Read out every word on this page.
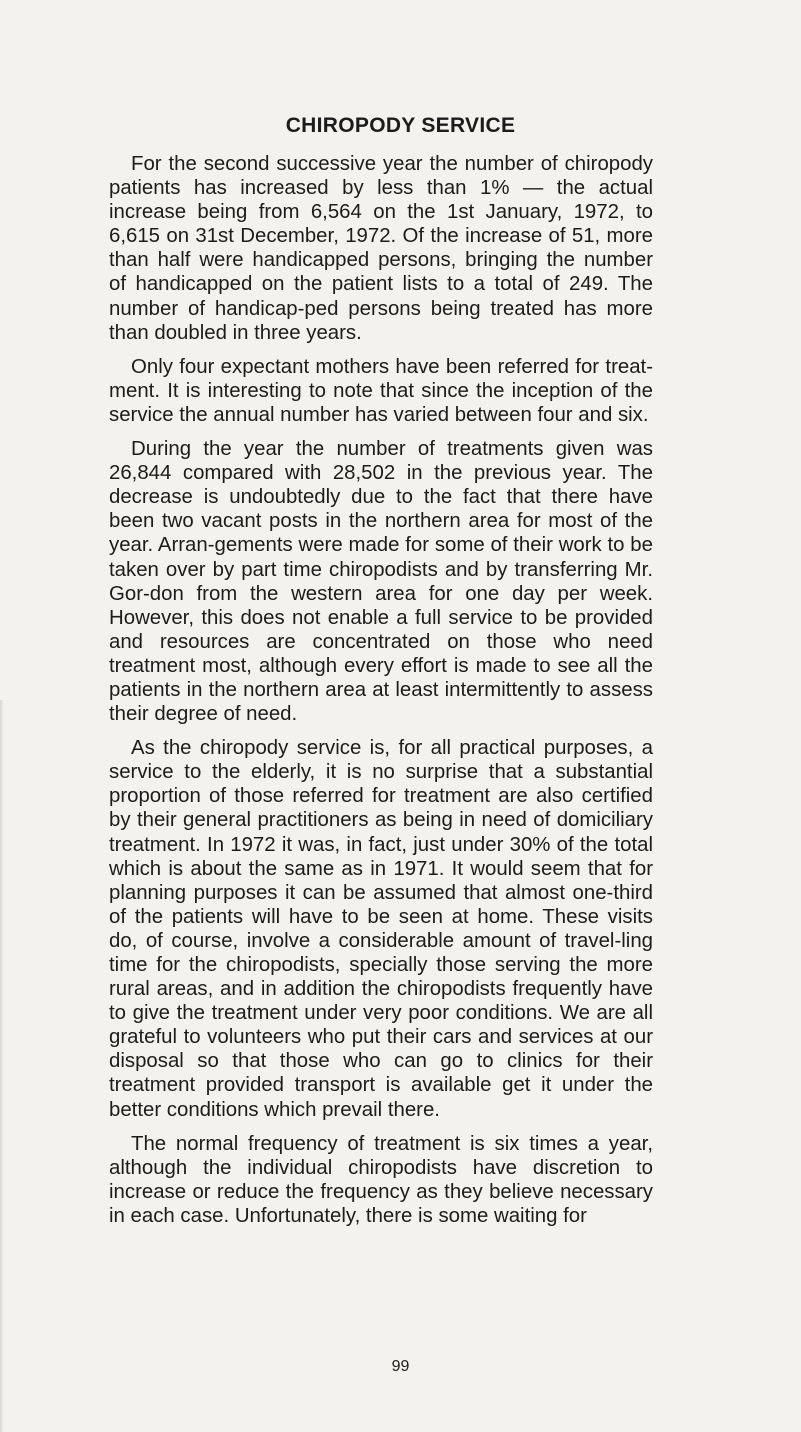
CHIROPODY SERVICE

For the second successive year the number of chiropody patients has increased by less than 1% — the actual increase being from 6,564 on the 1st January, 1972, to 6,615 on 31st December, 1972. Of the increase of 51, more than half were handicapped persons, bringing the number of handicapped on the patient lists to a total of 249. The number of handicap-ped persons being treated has more than doubled in three years.

Only four expectant mothers have been referred for treat-ment. It is interesting to note that since the inception of the service the annual number has varied between four and six.

During the year the number of treatments given was 26,844 compared with 28,502 in the previous year. The decrease is undoubtedly due to the fact that there have been two vacant posts in the northern area for most of the year. Arran-gements were made for some of their work to be taken over by part time chiropodists and by transferring Mr. Gor-don from the western area for one day per week. However, this does not enable a full service to be provided and resources are concentrated on those who need treatment most, although every effort is made to see all the patients in the northern area at least intermittently to assess their degree of need.

As the chiropody service is, for all practical purposes, a service to the elderly, it is no surprise that a substantial proportion of those referred for treatment are also certified by their general practitioners as being in need of domiciliary treatment. In 1972 it was, in fact, just under 30% of the total which is about the same as in 1971. It would seem that for planning purposes it can be assumed that almost one-third of the patients will have to be seen at home. These visits do, of course, involve a considerable amount of travel-ling time for the chiropodists, specially those serving the more rural areas, and in addition the chiropodists frequently have to give the treatment under very poor conditions. We are all grateful to volunteers who put their cars and services at our disposal so that those who can go to clinics for their treatment provided transport is available get it under the better conditions which prevail there.

The normal frequency of treatment is six times a year, although the individual chiropodists have discretion to increase or reduce the frequency as they believe necessary in each case. Unfortunately, there is some waiting for

99
